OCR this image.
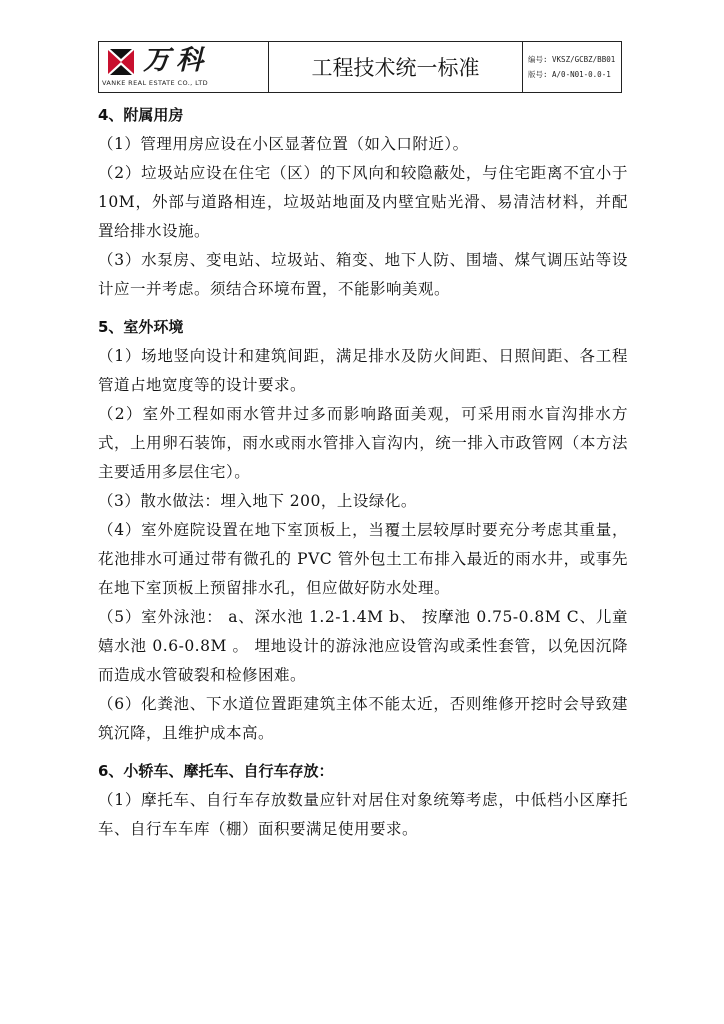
万科
VANKE REAL ESTATE CO., LTD
工程技术统一标准	编号: VKSZ/GCBZ/BB01
版号: A/0-N01-0.0-1

4、附属用房

（1）管理用房应设在小区显著位置（如入口附近）。

（2）垃圾站应设在住宅（区）的下风向和较隐蔽处，与住宅距离不宜小于 10M，外部与道路相连，垃圾站地面及内壁宜贴光滑、易清洁材料，并配置给排水设施。

（3）水泵房、变电站、垃圾站、箱变、地下人防、围墙、煤气调压站等设计应一并考虑。须结合环境布置，不能影响美观。

5、室外环境

（1）场地竖向设计和建筑间距，满足排水及防火间距、日照间距、各工程管道占地宽度等的设计要求。

（2）室外工程如雨水管井过多而影响路面美观，可采用雨水盲沟排水方式，上用卵石装饰，雨水或雨水管排入盲沟内，统一排入市政管网（本方法主要适用多层住宅）。

（3）散水做法：埋入地下 200，上设绿化。

（4）室外庭院设置在地下室顶板上，当覆土层较厚时要充分考虑其重量，花池排水可通过带有微孔的 PVC 管外包土工布排入最近的雨水井，或事先在地下室顶板上预留排水孔，但应做好防水处理。

（5）室外泳池： a、深水池 1.2-1.4M b、 按摩池 0.75-0.8M C、儿童嬉水池 0.6-0.8M 。 埋地设计的游泳池应设管沟或柔性套管，以免因沉降而造成水管破裂和检修困难。

（6）化粪池、下水道位置距建筑主体不能太近，否则维修开挖时会导致建筑沉降，且维护成本高。

6、小轿车、摩托车、自行车存放：

（1）摩托车、自行车存放数量应针对居住对象统筹考虑，中低档小区摩托车、自行车车库（棚）面积要满足使用要求。
